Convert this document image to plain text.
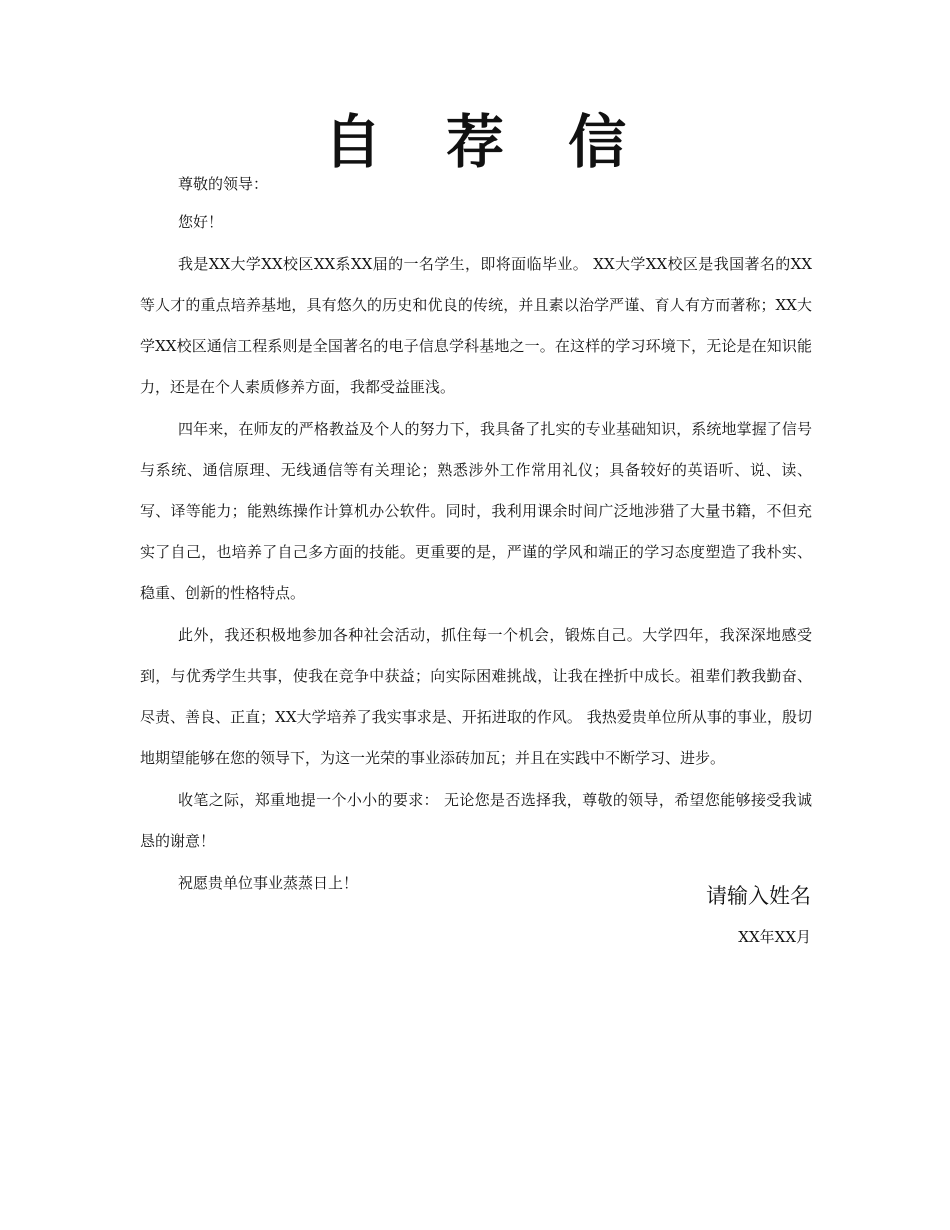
自 荐 信

尊敬的领导：

您好！

我是XX大学XX校区XX系XX届的一名学生，即将面临毕业。 XX大学XX校区是我国著名的XX等人才的重点培养基地，具有悠久的历史和优良的传统，并且素以治学严谨、育人有方而著称；XX大学XX校区通信工程系则是全国著名的电子信息学科基地之一。在这样的学习环境下，无论是在知识能力，还是在个人素质修养方面，我都受益匪浅。

四年来，在师友的严格教益及个人的努力下，我具备了扎实的专业基础知识，系统地掌握了信号与系统、通信原理、无线通信等有关理论；熟悉涉外工作常用礼仪；具备较好的英语听、说、读、写、译等能力；能熟练操作计算机办公软件。同时，我利用课余时间广泛地涉猎了大量书籍，不但充实了自己，也培养了自己多方面的技能。更重要的是，严谨的学风和端正的学习态度塑造了我朴实、稳重、创新的性格特点。

此外，我还积极地参加各种社会活动，抓住每一个机会，锻炼自己。大学四年，我深深地感受到，与优秀学生共事，使我在竞争中获益；向实际困难挑战，让我在挫折中成长。祖辈们教我勤奋、尽责、善良、正直；XX大学培养了我实事求是、开拓进取的作风。 我热爱贵单位所从事的事业，殷切地期望能够在您的领导下，为这一光荣的事业添砖加瓦；并且在实践中不断学习、进步。

收笔之际，郑重地提一个小小的要求： 无论您是否选择我，尊敬的领导，希望您能够接受我诚恳的谢意！

祝愿贵单位事业蒸蒸日上！

请输入姓名
XX年XX月
